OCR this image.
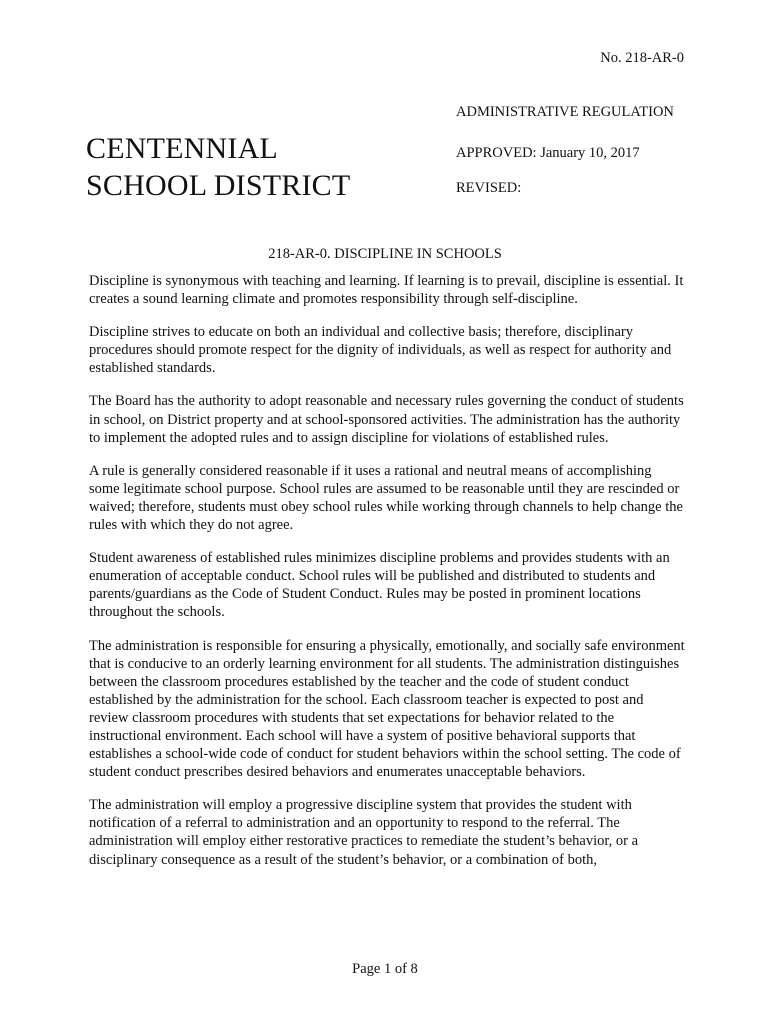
No. 218-AR-0
ADMINISTRATIVE REGULATION
APPROVED: January 10, 2017
REVISED:
CENTENNIAL
SCHOOL DISTRICT
218-AR-0. DISCIPLINE IN SCHOOLS

Discipline is synonymous with teaching and learning. If learning is to prevail, discipline is essential. It creates a sound learning climate and promotes responsibility through self-discipline.

Discipline strives to educate on both an individual and collective basis; therefore, disciplinary procedures should promote respect for the dignity of individuals, as well as respect for authority and established standards.

The Board has the authority to adopt reasonable and necessary rules governing the conduct of students in school, on District property and at school-sponsored activities. The administration has the authority to implement the adopted rules and to assign discipline for violations of established rules.

A rule is generally considered reasonable if it uses a rational and neutral means of accomplishing some legitimate school purpose. School rules are assumed to be reasonable until they are rescinded or waived; therefore, students must obey school rules while working through channels to help change the rules with which they do not agree.

Student awareness of established rules minimizes discipline problems and provides students with an enumeration of acceptable conduct. School rules will be published and distributed to students and parents/guardians as the Code of Student Conduct. Rules may be posted in prominent locations throughout the schools.

The administration is responsible for ensuring a physically, emotionally, and socially safe environment that is conducive to an orderly learning environment for all students. The administration distinguishes between the classroom procedures established by the teacher and the code of student conduct established by the administration for the school. Each classroom teacher is expected to post and review classroom procedures with students that set expectations for behavior related to the instructional environment. Each school will have a system of positive behavioral supports that establishes a school-wide code of conduct for student behaviors within the school setting. The code of student conduct prescribes desired behaviors and enumerates unacceptable behaviors.

The administration will employ a progressive discipline system that provides the student with notification of a referral to administration and an opportunity to respond to the referral. The administration will employ either restorative practices to remediate the student’s behavior, or a disciplinary consequence as a result of the student’s behavior, or a combination of both,

Page 1 of 8
